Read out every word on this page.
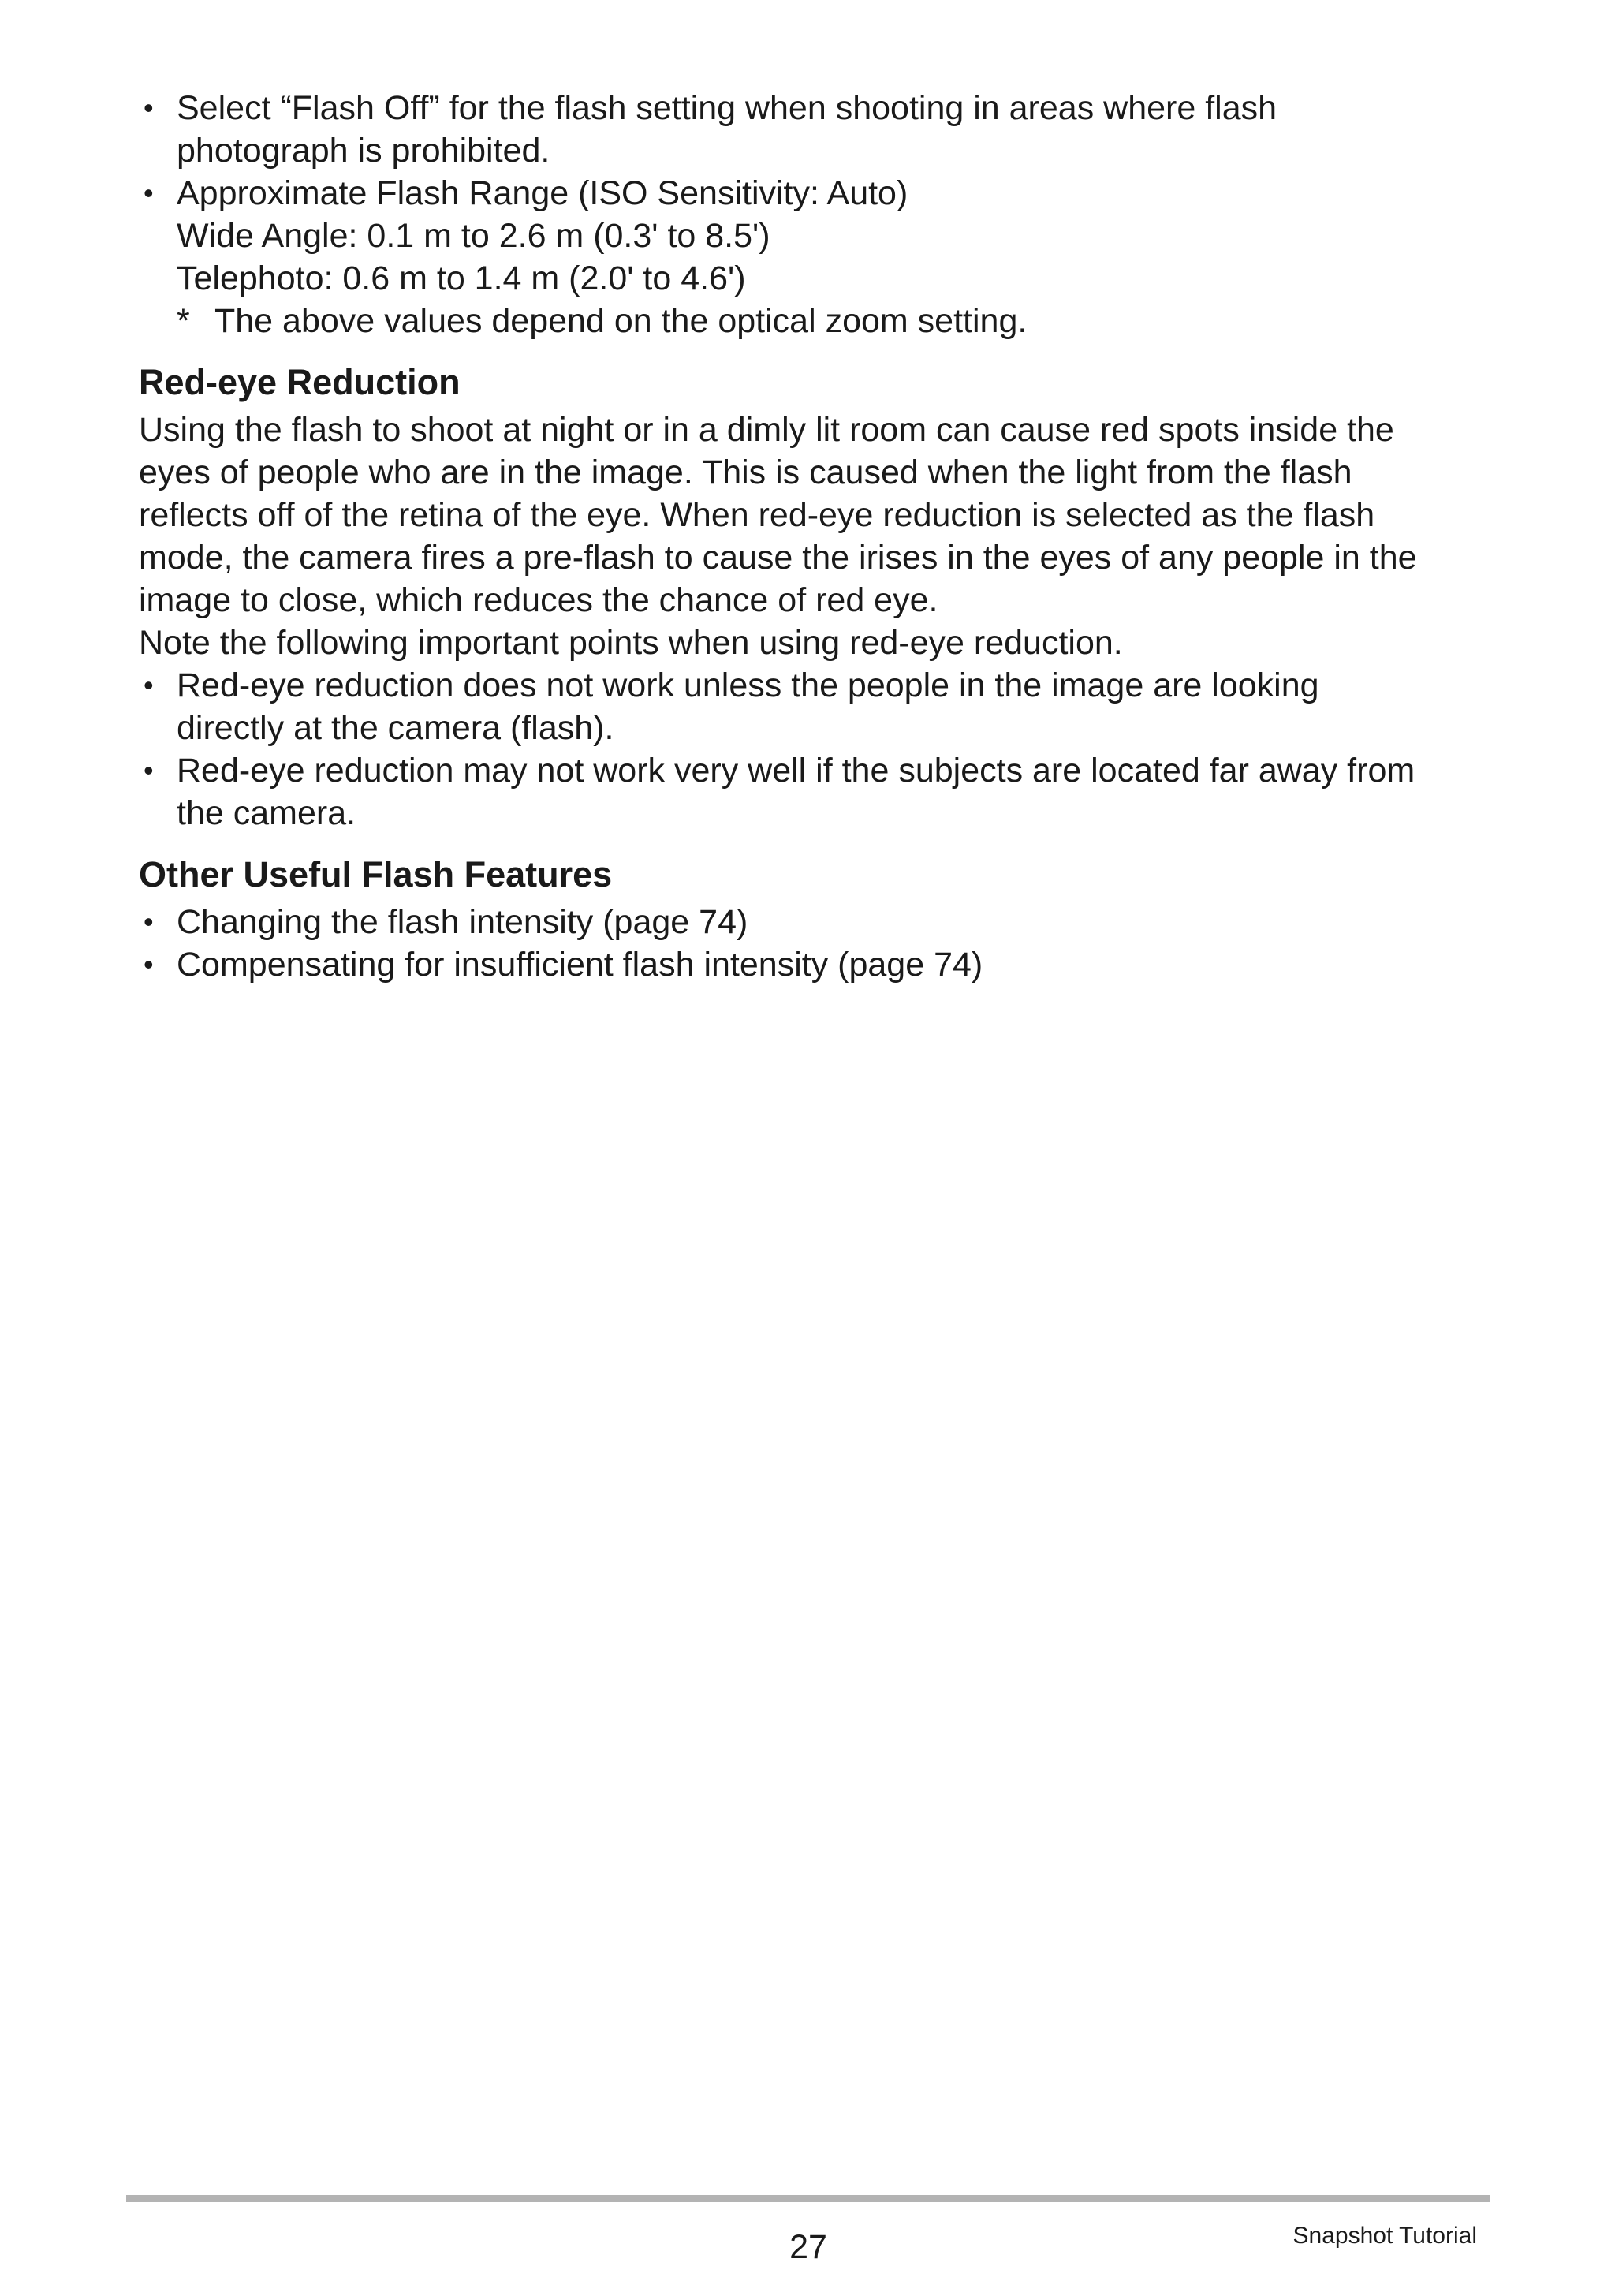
• Select “Flash Off” for the flash setting when shooting in areas where flash
photograph is prohibited.
• Approximate Flash Range (ISO Sensitivity: Auto)
Wide Angle: 0.1 m to 2.6 m (0.3' to 8.5')
Telephoto: 0.6 m to 1.4 m (2.0' to 4.6')
* The above values depend on the optical zoom setting.
Red-eye Reduction
Using the flash to shoot at night or in a dimly lit room can cause red spots inside the
eyes of people who are in the image. This is caused when the light from the flash
reflects off of the retina of the eye. When red-eye reduction is selected as the flash
mode, the camera fires a pre-flash to cause the irises in the eyes of any people in the
image to close, which reduces the chance of red eye.
Note the following important points when using red-eye reduction.
• Red-eye reduction does not work unless the people in the image are looking
directly at the camera (flash).
• Red-eye reduction may not work very well if the subjects are located far away from
the camera.
Other Useful Flash Features
• Changing the flash intensity (page 74)
• Compensating for insufficient flash intensity (page 74)
27	Snapshot Tutorial
